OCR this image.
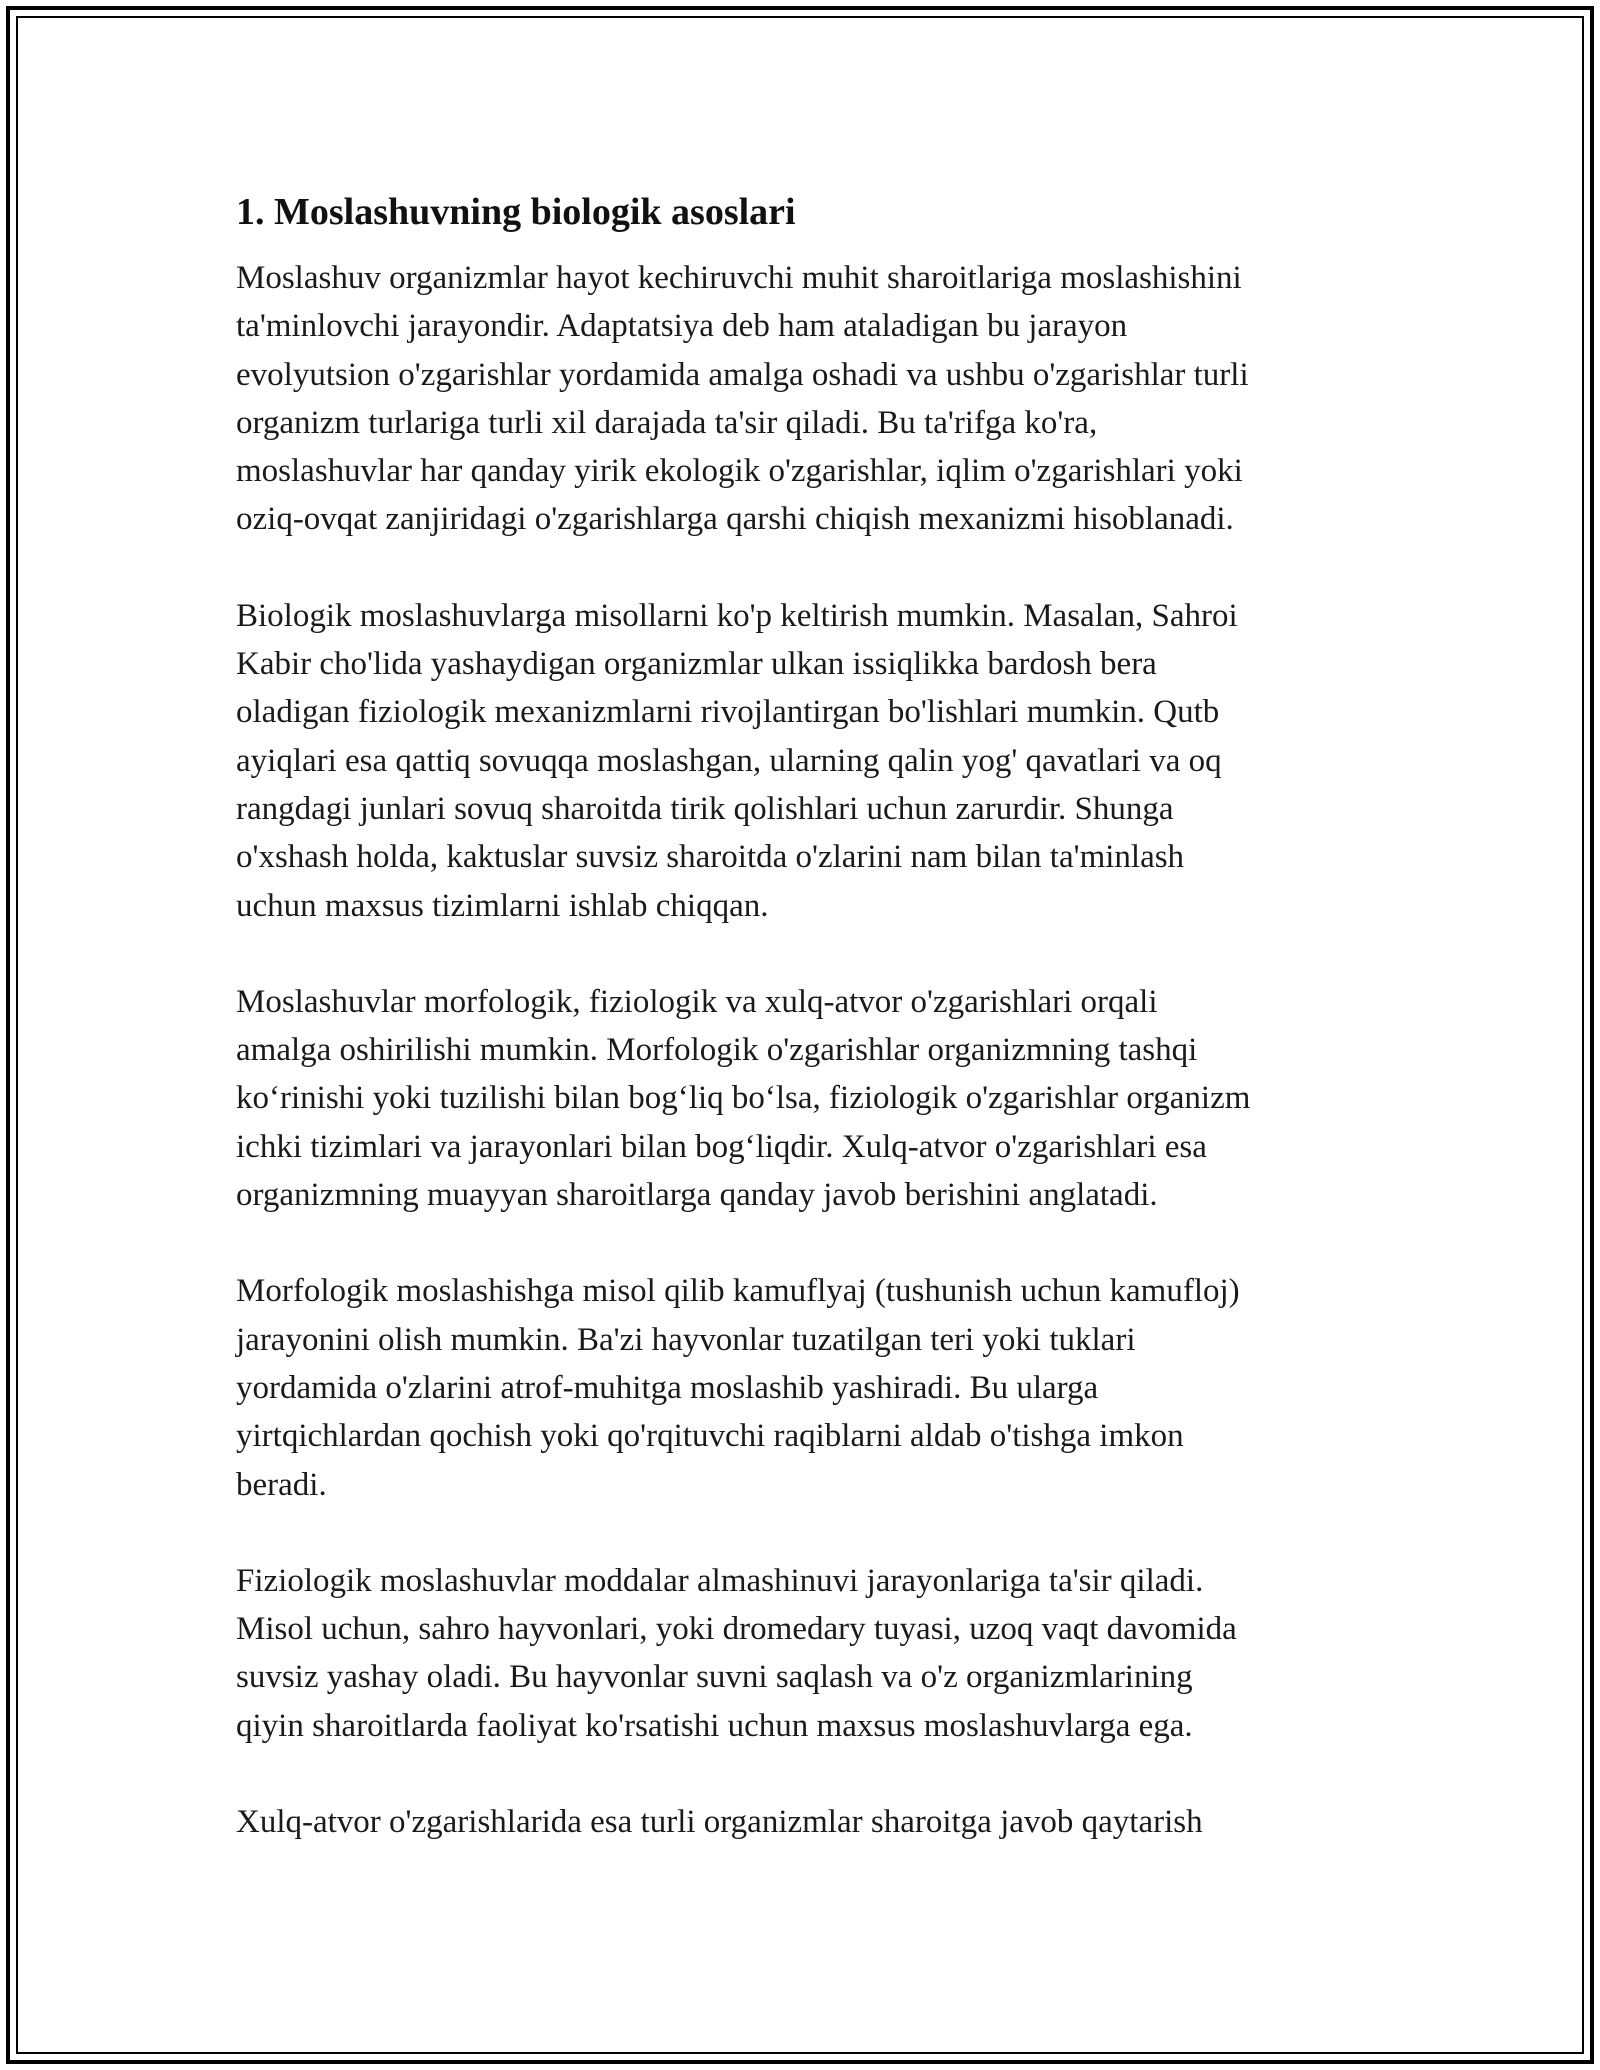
1. Moslashuvning biologik asoslari

Moslashuv organizmlar hayot kechiruvchi muhit sharoitlariga moslashishini
ta'minlovchi jarayondir. Adaptatsiya deb ham ataladigan bu jarayon
evolyutsion o'zgarishlar yordamida amalga oshadi va ushbu o'zgarishlar turli
organizm turlariga turli xil darajada ta'sir qiladi. Bu ta'rifga ko'ra,
moslashuvlar har qanday yirik ekologik o'zgarishlar, iqlim o'zgarishlari yoki
oziq-ovqat zanjiridagi o'zgarishlarga qarshi chiqish mexanizmi hisoblanadi.

Biologik moslashuvlarga misollarni ko'p keltirish mumkin. Masalan, Sahroi
Kabir cho'lida yashaydigan organizmlar ulkan issiqlikka bardosh bera
oladigan fiziologik mexanizmlarni rivojlantirgan bo'lishlari mumkin. Qutb
ayiqlari esa qattiq sovuqqa moslashgan, ularning qalin yog' qavatlari va oq
rangdagi junlari sovuq sharoitda tirik qolishlari uchun zarurdir. Shunga
o'xshash holda, kaktuslar suvsiz sharoitda o'zlarini nam bilan ta'minlash
uchun maxsus tizimlarni ishlab chiqqan.

Moslashuvlar morfologik, fiziologik va xulq-atvor o'zgarishlari orqali
amalga oshirilishi mumkin. Morfologik o'zgarishlar organizmning tashqi
ko‘rinishi yoki tuzilishi bilan bog‘liq bo‘lsa, fiziologik o'zgarishlar organizm
ichki tizimlari va jarayonlari bilan bog‘liqdir. Xulq-atvor o'zgarishlari esa
organizmning muayyan sharoitlarga qanday javob berishini anglatadi.

Morfologik moslashishga misol qilib kamuflyaj (tushunish uchun kamufloj)
jarayonini olish mumkin. Ba'zi hayvonlar tuzatilgan teri yoki tuklari
yordamida o'zlarini atrof-muhitga moslashib yashiradi. Bu ularga
yirtqichlardan qochish yoki qo'rqituvchi raqiblarni aldab o'tishga imkon
beradi.

Fiziologik moslashuvlar moddalar almashinuvi jarayonlariga ta'sir qiladi.
Misol uchun, sahro hayvonlari, yoki dromedary tuyasi, uzoq vaqt davomida
suvsiz yashay oladi. Bu hayvonlar suvni saqlash va o'z organizmlarining
qiyin sharoitlarda faoliyat ko'rsatishi uchun maxsus moslashuvlarga ega.

Xulq-atvor o'zgarishlarida esa turli organizmlar sharoitga javob qaytarish
